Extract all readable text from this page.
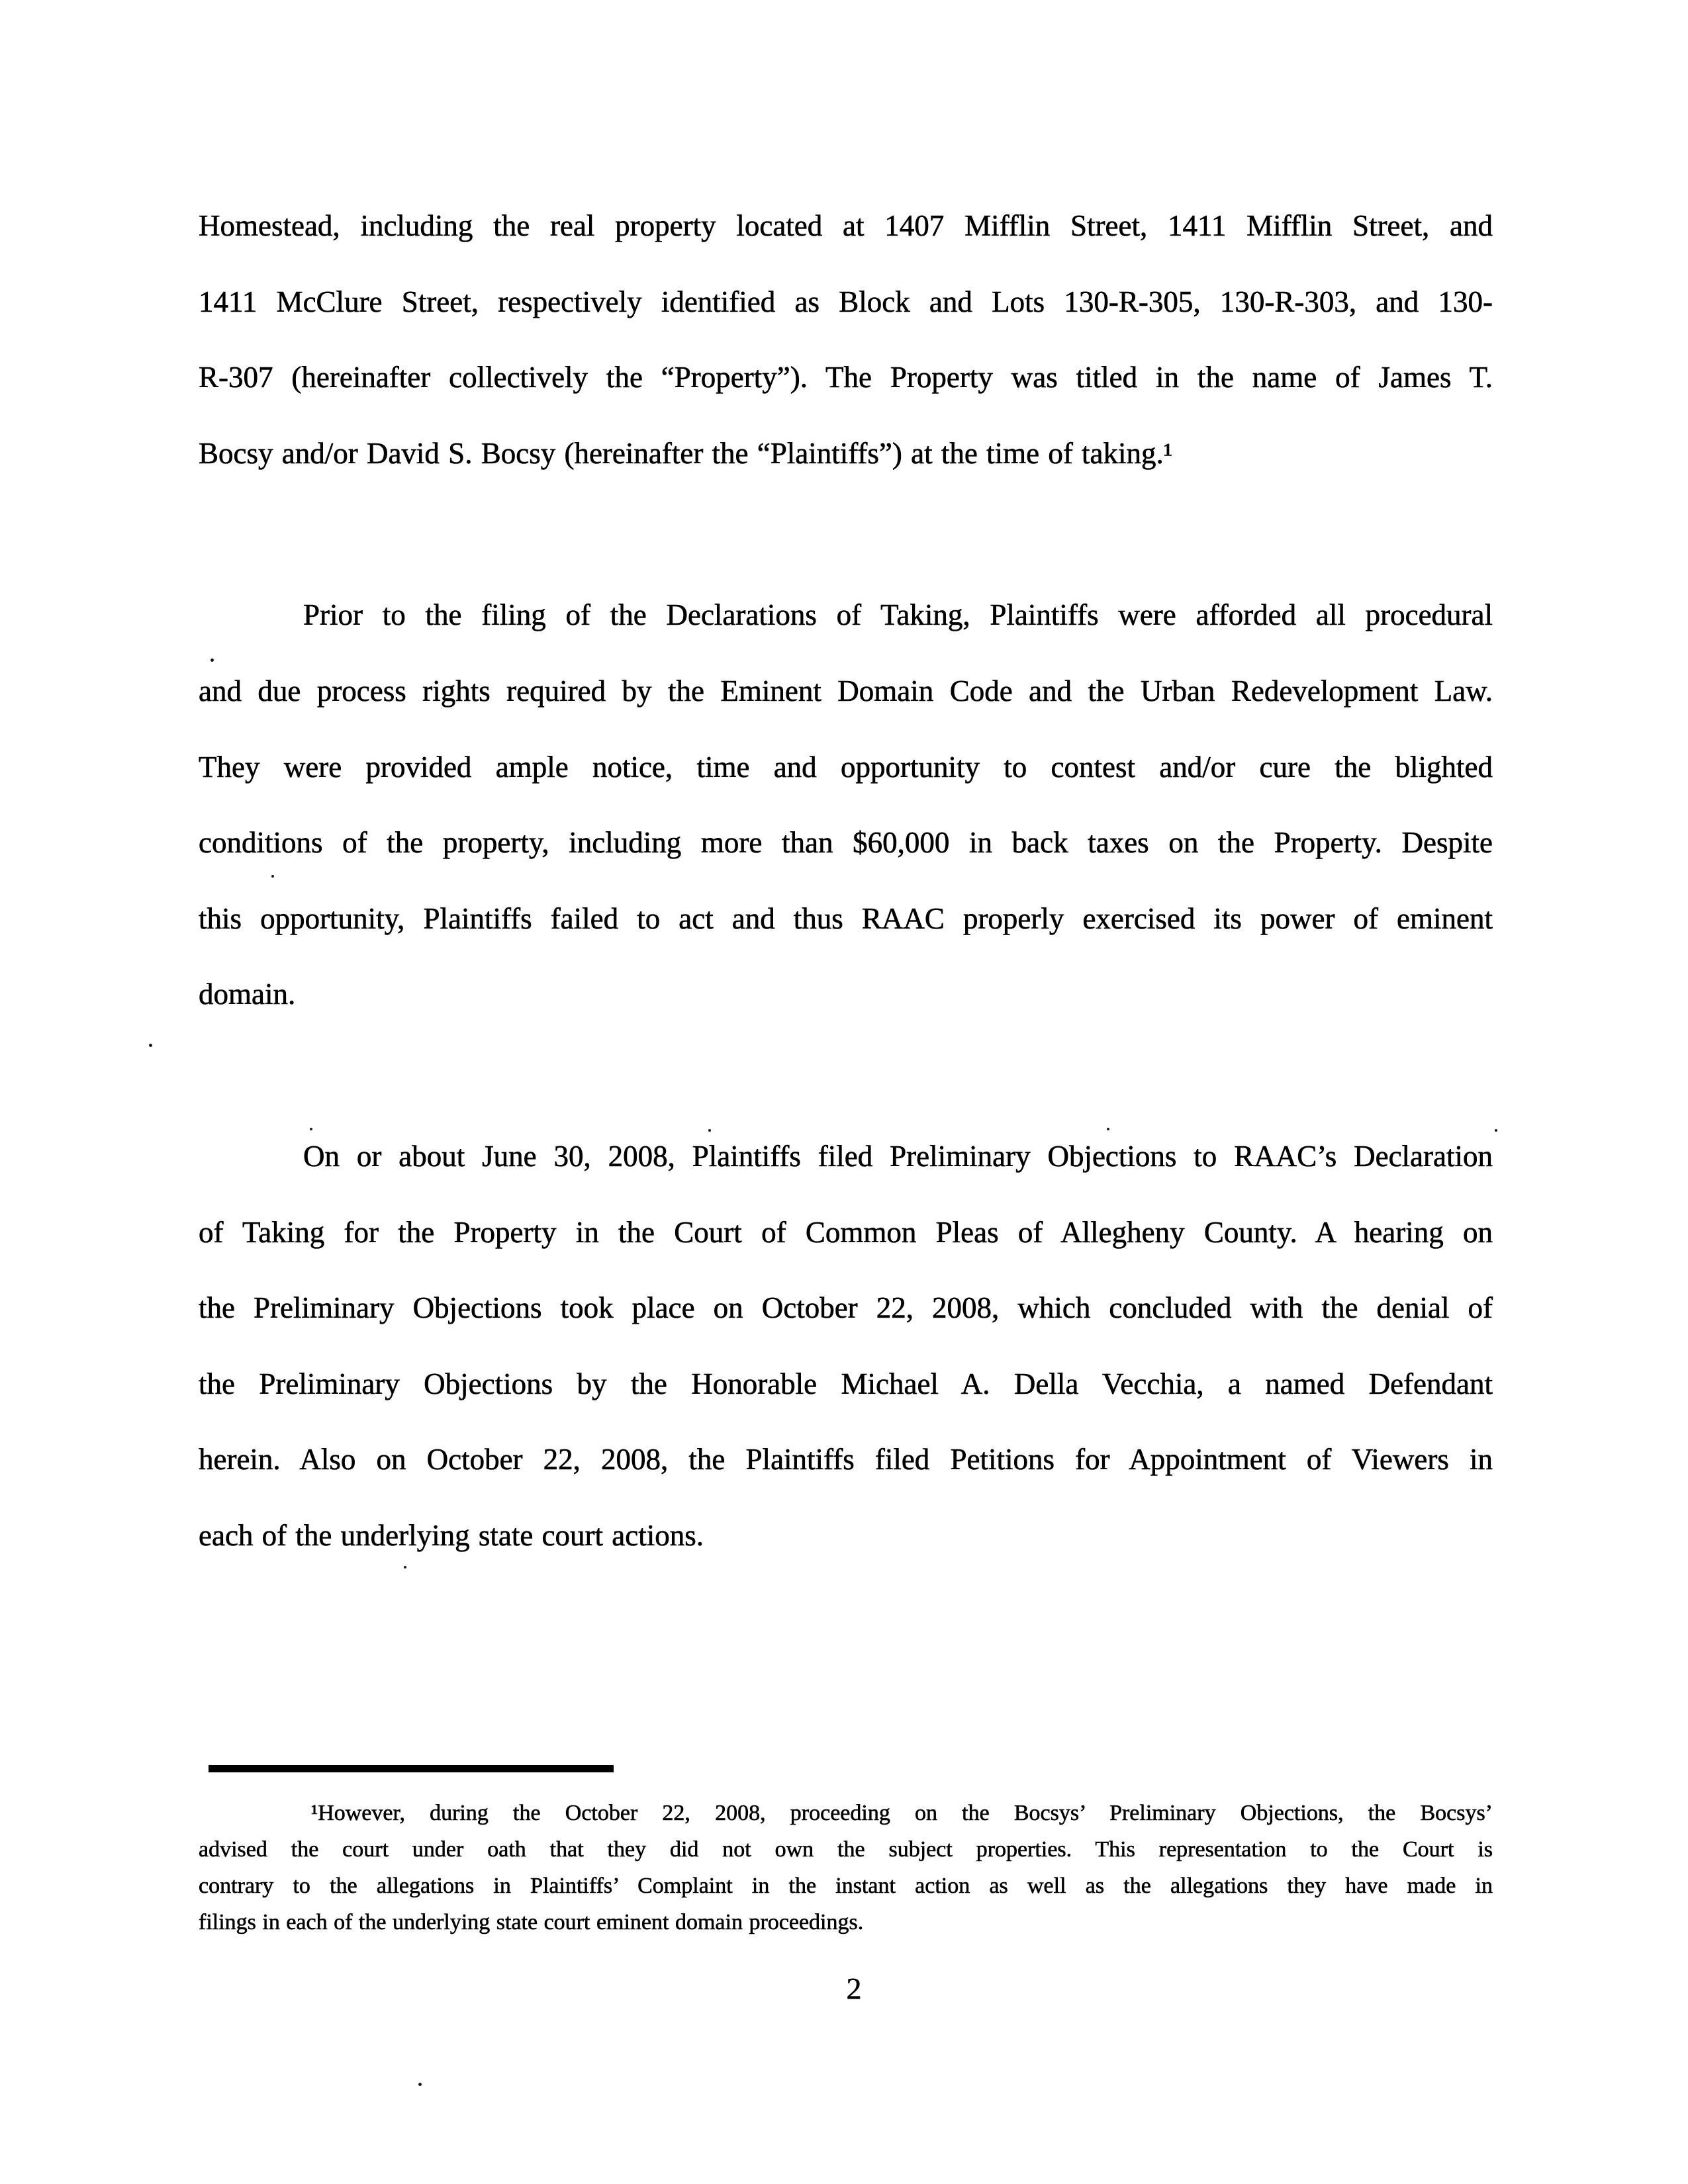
Homestead, including the real property located at 1407 Mifflin Street, 1411 Mifflin Street, and
1411 McClure Street, respectively identified as Block and Lots 130-R-305, 130-R-303, and 130-
R-307 (hereinafter collectively the “Property”). The Property was titled in the name of James T.
Bocsy and/or David S. Bocsy (hereinafter the “Plaintiffs”) at the time of taking.¹
Prior to the filing of the Declarations of Taking, Plaintiffs were afforded all procedural
and due process rights required by the Eminent Domain Code and the Urban Redevelopment Law.
They were provided ample notice, time and opportunity to contest and/or cure the blighted
conditions of the property, including more than $60,000 in back taxes on the Property. Despite
this opportunity, Plaintiffs failed to act and thus RAAC properly exercised its power of eminent
domain.
On or about June 30, 2008, Plaintiffs filed Preliminary Objections to RAAC’s Declaration
of Taking for the Property in the Court of Common Pleas of Allegheny County. A hearing on
the Preliminary Objections took place on October 22, 2008, which concluded with the denial of
the Preliminary Objections by the Honorable Michael A. Della Vecchia, a named Defendant
herein. Also on October 22, 2008, the Plaintiffs filed Petitions for Appointment of Viewers in
each of the underlying state court actions.
¹However, during the October 22, 2008, proceeding on the Bocsys’ Preliminary Objections, the Bocsys’
advised the court under oath that they did not own the subject properties. This representation to the Court is
contrary to the allegations in Plaintiffs’ Complaint in the instant action as well as the allegations they have made in
filings in each of the underlying state court eminent domain proceedings.
2
